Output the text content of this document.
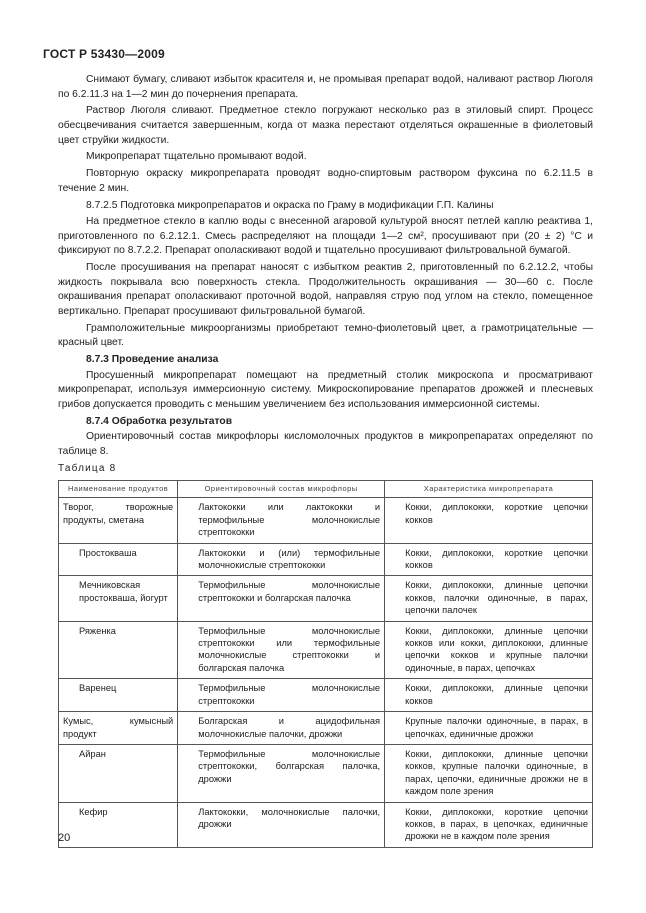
ГОСТ Р 53430—2009

Снимают бумагу, сливают избыток красителя и, не промывая препарат водой, наливают раствор Люголя по 6.2.11.3 на 1—2 мин до почернения препарата.

Раствор Люголя сливают. Предметное стекло погружают несколько раз в этиловый спирт. Процесс обесцвечивания считается завершенным, когда от мазка перестают отделяться окрашенные в фиолетовый цвет струйки жидкости.

Микропрепарат тщательно промывают водой.

Повторную окраску микропрепарата проводят водно-спиртовым раствором фуксина по 6.2.11.5 в течение 2 мин.

8.7.2.5 Подготовка микропрепаратов и окраска по Граму в модификации Г.П. Калины

На предметное стекло в каплю воды с внесенной агаровой культурой вносят петлей каплю реактива 1, приготовленного по 6.2.12.1. Смесь распределяют на площади 1—2 см², просушивают при (20 ± 2) °С и фиксируют по 8.7.2.2. Препарат ополаскивают водой и тщательно просушивают фильтровальной бумагой.

После просушивания на препарат наносят с избытком реактив 2, приготовленный по 6.2.12.2, чтобы жидкость покрывала всю поверхность стекла. Продолжительность окрашивания — 30—60 с. После окрашивания препарат ополаскивают проточной водой, направляя струю под углом на стекло, помещенное вертикально. Препарат просушивают фильтровальной бумагой.

Грамположительные микроорганизмы приобретают темно-фиолетовый цвет, а грамотрицательные — красный цвет.

8.7.3 Проведение анализа

Просушенный микропрепарат помещают на предметный столик микроскопа и просматривают микропрепарат, используя иммерсионную систему. Микроскопирование препаратов дрожжей и плесневых грибов допускается проводить с меньшим увеличением без использования иммерсионной системы.

8.7.4 Обработка результатов

Ориентировочный состав микрофлоры кисломолочных продуктов в микропрепаратах определяют по таблице 8.

Таблица 8
Наименование продуктов	Ориентировочный состав микрофлоры	Характеристика микропрепарата
Творог, творожные продукты, сметана	Лактококки или лактококки и термофильные молочнокислые стрептококки	Кокки, диплококки, короткие цепочки кокков

Простокваша	Лактококки и (или) термофильные молочнокислые стрептококки	Кокки, диплококки, короткие цепочки кокков

Мечниковская простокваша, йогурт	Термофильные молочнокислые стрептококки и болгарская палочка	Кокки, диплококки, длинные цепочки кокков, палочки одиночные, в парах, цепочки палочек

Ряженка	Термофильные молочнокислые стрептококки или термофильные молочнокислые стрептококки и болгарская палочка	Кокки, диплококки, длинные цепочки кокков или кокки, диплококки, длинные цепочки кокков и крупные палочки одиночные, в парах, цепочках

Варенец	Термофильные молочнокислые стрептококки	Кокки, диплококки, длинные цепочки кокков

Кумыс, кумысный продукт	Болгарская и ацидофильная молочнокислые палочки, дрожжи	Крупные палочки одиночные, в парах, в цепочках, единичные дрожжи

Айран	Термофильные молочнокислые стрептококки, болгарская палочка, дрожжи	Кокки, диплококки, длинные цепочки кокков, крупные палочки одиночные, в парах, цепочки, единичные дрожжи не в каждом поле зрения

Кефир	Лактококки, молочнокислые палочки, дрожжи	Кокки, диплококки, короткие цепочки кокков, в парах, в цепочках, единичные дрожжи не в каждом поле зрения
20
